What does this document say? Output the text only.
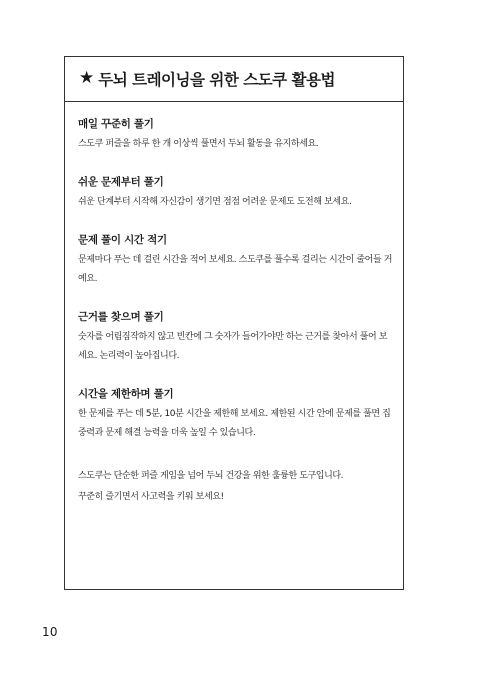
★ 두뇌 트레이닝을 위한 스도쿠 활용법
매일 꾸준히 풀기
스도쿠 퍼즐을 하루 한 개 이상씩 풀면서 두뇌 활동을 유지하세요.
쉬운 문제부터 풀기
쉬운 단계부터 시작해 자신감이 생기면 점점 어려운 문제도 도전해 보세요.
문제 풀이 시간 적기
문제마다 푸는 데 걸린 시간을 적어 보세요. 스도쿠를 풀수록 걸리는 시간이 줄어들 거예요.
근거를 찾으며 풀기
숫자를 어림짐작하지 않고 빈칸에 그 숫자가 들어가야만 하는 근거를 찾아서 풀어 보세요. 논리력이 높아집니다.
시간을 제한하며 풀기
한 문제를 푸는 데 5분, 10분 시간을 제한해 보세요. 제한된 시간 안에 문제를 풀면 집중력과 문제 해결 능력을 더욱 높일 수 있습니다.

스도쿠는 단순한 퍼즐 게임을 넘어 두뇌 건강을 위한 훌륭한 도구입니다.

꾸준히 즐기면서 사고력을 키워 보세요!

10
